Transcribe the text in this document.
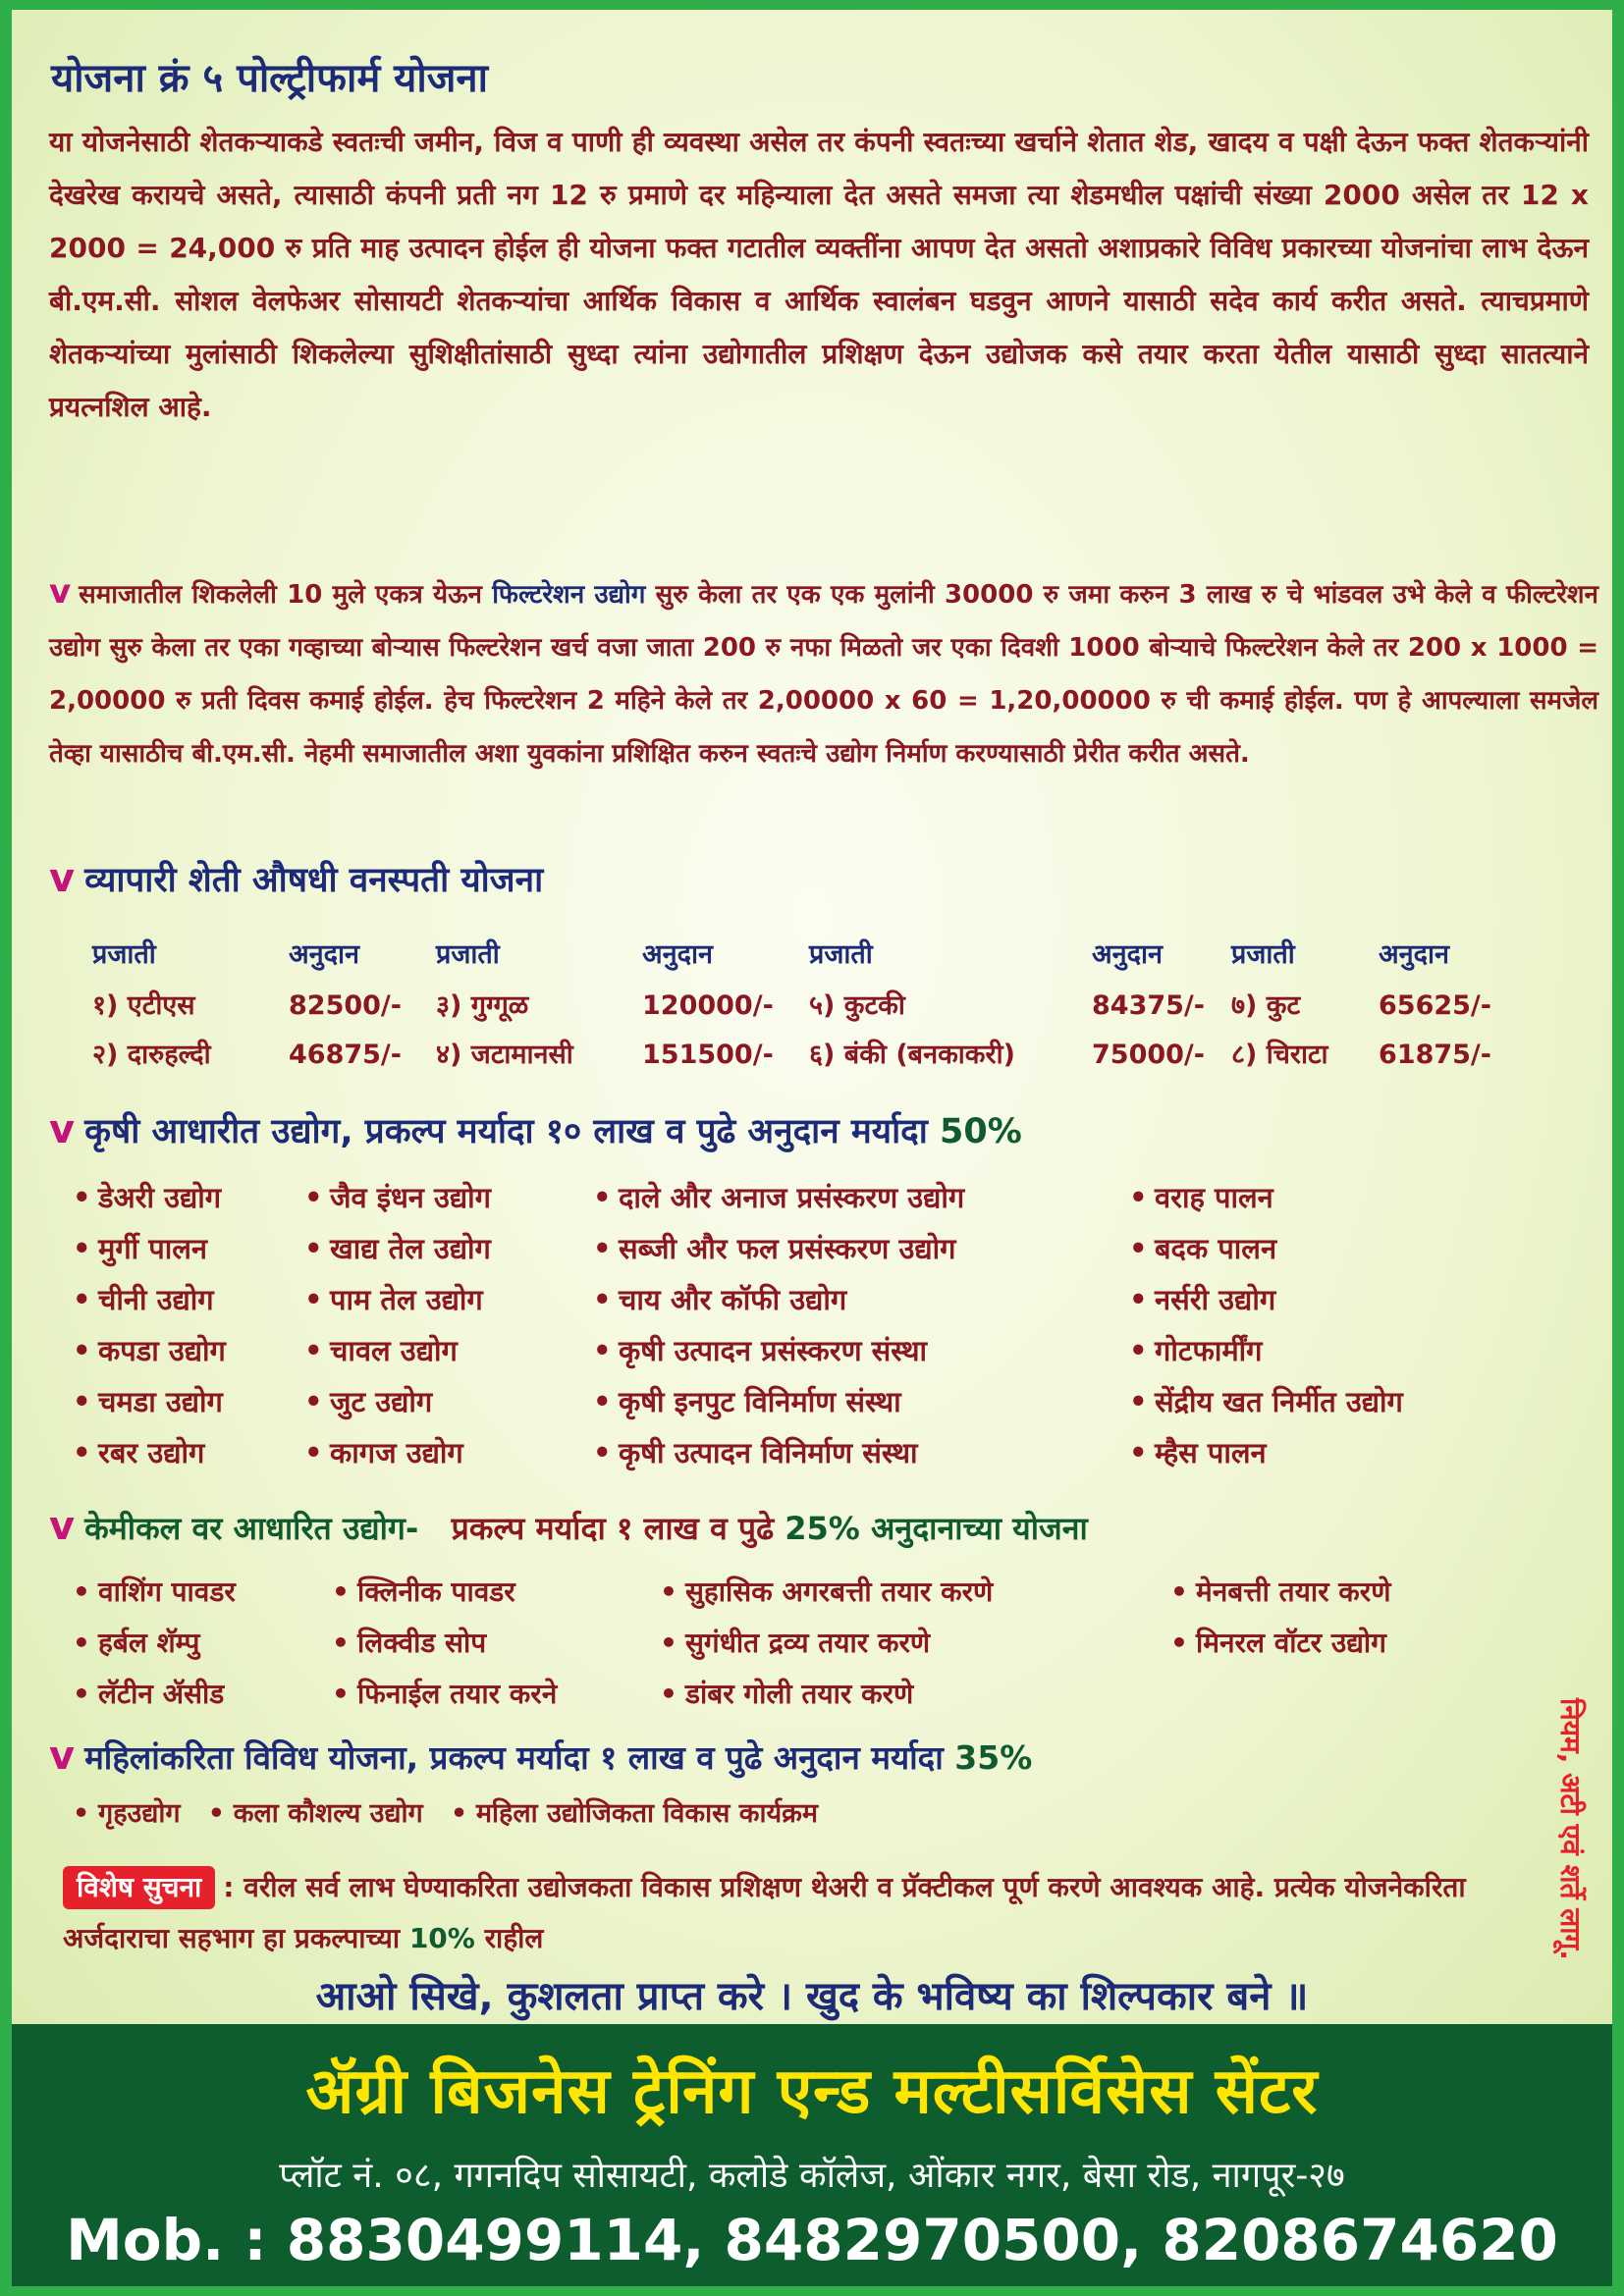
योजना क्रं ५ पोल्ट्रीफार्म योजना

या योजनेसाठी शेतकऱ्याकडे स्वतःची जमीन, विज व पाणी ही व्यवस्था असेल तर कंपनी स्वतःच्या खर्चाने शेतात शेड, खादय व पक्षी देऊन फक्त शेतकऱ्यांनी देखरेख करायचे असते, त्यासाठी कंपनी प्रती नग 12 रु प्रमाणे दर महिन्याला देत असते समजा त्या शेडमधील पक्षांची संख्या 2000 असेल तर 12 x 2000 = 24,000 रु प्रति माह उत्पादन होईल ही योजना फक्त गटातील व्यक्तींना आपण देत असतो अशाप्रकारे विविध प्रकारच्या योजनांचा लाभ देऊन बी.एम.सी. सोशल वेलफेअर सोसायटी शेतकऱ्यांचा आर्थिक विकास व आर्थिक स्वालंबन घडवुन आणने यासाठी सदेव कार्य करीत असते. त्याचप्रमाणे शेतकऱ्यांच्या मुलांसाठी शिकलेल्या सुशिक्षीतांसाठी सुध्दा त्यांना उद्योगातील प्रशिक्षण देऊन उद्योजक कसे तयार करता येतील यासाठी सुध्दा सातत्याने प्रयत्नशिल आहे.

v समाजातील शिकलेली 10 मुले एकत्र येऊन फिल्टरेशन उद्योग सुरु केला तर एक एक मुलांनी 30000 रु जमा करुन 3 लाख रु चे भांडवल उभे केले व फील्टरेशन उद्योग सुरु केला तर एका गव्हाच्या बोऱ्यास फिल्टरेशन खर्च वजा जाता 200 रु नफा मिळतो जर एका दिवशी 1000 बोऱ्याचे फिल्टरेशन केले तर 200 x 1000 = 2,00000 रु प्रती दिवस कमाई होईल. हेच फिल्टरेशन 2 महिने केले तर 2,00000 x 60 = 1,20,00000 रु ची कमाई होईल. पण हे आपल्याला समजेल तेव्हा यासाठीच बी.एम.सी. नेहमी समाजातील अशा युवकांना प्रशिक्षित करुन स्वतःचे उद्योग निर्माण करण्यासाठी प्रेरीत करीत असते.

v व्यापारी शेती औषधी वनस्पती योजना
प्रजाती
१) एटीएस
२) दारुहल्दी
अनुदान
82500/-
46875/-
प्रजाती
३) गुग्गूळ
४) जटामानसी
अनुदान
120000/-
151500/-
प्रजाती
५) कुटकी
६) बंकी (बनकाकरी)
अनुदान
84375/-
75000/-
प्रजाती
७) कुट
८) चिराटा
अनुदान
65625/-
61875/-
v कृषी आधारीत उद्योग, प्रकल्प मर्यादा १० लाख व पुढे अनुदान मर्यादा 50%
• डेअरी उद्योग
• मुर्गी पालन
• चीनी उद्योग
• कपडा उद्योग
• चमडा उद्योग
• रबर उद्योग
• जैव इंधन उद्योग
• खाद्य तेल उद्योग
• पाम तेल उद्योग
• चावल उद्योग
• जुट उद्योग
• कागज उद्योग
• दाले और अनाज प्रसंस्करण उद्योग
• सब्जी और फल प्रसंस्करण उद्योग
• चाय और कॉफी उद्योग
• कृषी उत्पादन प्रसंस्करण संस्था
• कृषी इनपुट विनिर्माण संस्था
• कृषी उत्पादन विनिर्माण संस्था
• वराह पालन
• बदक पालन
• नर्सरी उद्योग
• गोटफार्मींग
• सेंद्रीय खत निर्मीत उद्योग
• म्हैस पालन
v केमीकल वर आधारित उद्योग- प्रकल्प मर्यादा १ लाख व पुढे 25% अनुदानाच्या योजना
• वाशिंग पावडर
• हर्बल शॅम्पु
• लॅटीन ॲसीड
• क्लिनीक पावडर
• लिक्वीड सोप
• फिनाईल तयार करने
• सुहासिक अगरबत्ती तयार करणे
• सुगंधीत द्रव्य तयार करणे
• डांबर गोली तयार करणे
• मेनबत्ती तयार करणे
• मिनरल वॉटर उद्योग
v महिलांकरिता विविध योजना, प्रकल्प मर्यादा १ लाख व पुढे अनुदान मर्यादा 35%
• गृहउद्योग • कला कौशल्य उद्योग • महिला उद्योजिकता विकास कार्यक्रम

विशेष सुचना : वरील सर्व लाभ घेण्याकरिता उद्योजकता विकास प्रशिक्षण थेअरी व प्रॅक्टीकल पूर्ण करणे आवश्यक आहे. प्रत्येक योजनेकरिता अर्जदाराचा सहभाग हा प्रकल्पाच्या 10% राहील	नियम, अटी एवं शर्ते लागू.

आओ सिखे, कुशलता प्राप्त करे । खुद के भविष्य का शिल्पकार बने ॥

ॲग्री बिजनेस ट्रेनिंग एन्ड मल्टीसर्विसेस सेंटर

प्लॉट नं. ०८, गगनदिप सोसायटी, कलोडे कॉलेज, ओंकार नगर, बेसा रोड, नागपूर-२७

Mob. : 8830499114, 8482970500, 8208674620
